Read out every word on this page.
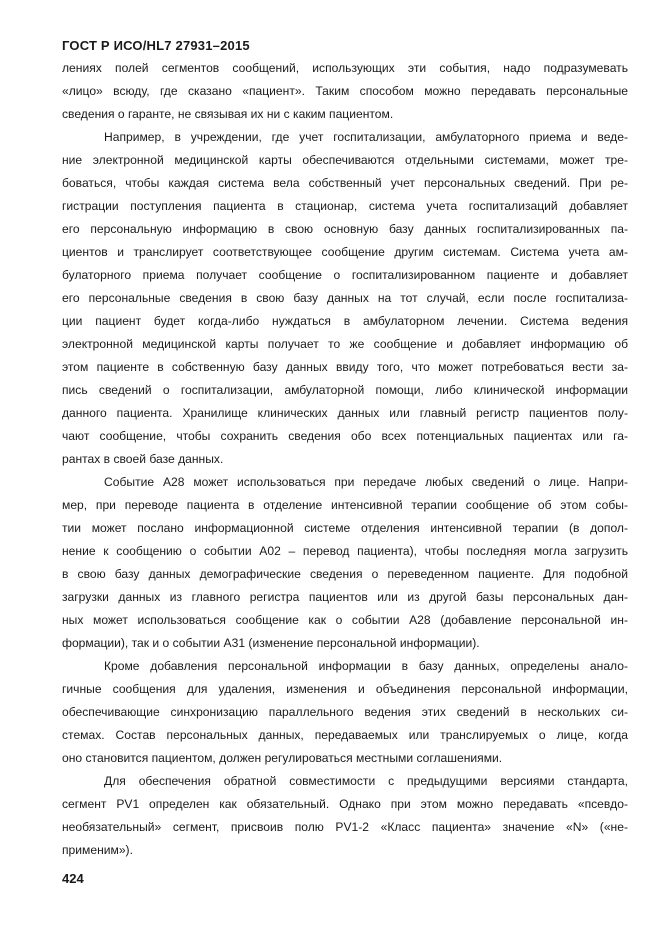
ГОСТ Р ИСО/HL7 27931–2015
лениях полей сегментов сообщений, использующих эти события, надо подразумевать
«лицо» всюду, где сказано «пациент». Таким способом можно передавать персональные
сведения о гаранте, не связывая их ни с каким пациентом.
Например, в учреждении, где учет госпитализации, амбулаторного приема и веде-
ние электронной медицинской карты обеспечиваются отдельными системами, может тре-
боваться, чтобы каждая система вела собственный учет персональных сведений. При ре-
гистрации поступления пациента в стационар, система учета госпитализаций добавляет
его персональную информацию в свою основную базу данных госпитализированных па-
циентов и транслирует соответствующее сообщение другим системам. Система учета ам-
булаторного приема получает сообщение о госпитализированном пациенте и добавляет
его персональные сведения в свою базу данных на тот случай, если после госпитализа-
ции пациент будет когда-либо нуждаться в амбулаторном лечении. Система ведения
электронной медицинской карты получает то же сообщение и добавляет информацию об
этом пациенте в собственную базу данных ввиду того, что может потребоваться вести за-
пись сведений о госпитализации, амбулаторной помощи, либо клинической информации
данного пациента. Хранилище клинических данных или главный регистр пациентов полу-
чают сообщение, чтобы сохранить сведения обо всех потенциальных пациентах или га-
рантах в своей базе данных.
Событие A28 может использоваться при передаче любых сведений о лице. Напри-
мер, при переводе пациента в отделение интенсивной терапии сообщение об этом собы-
тии может послано информационной системе отделения интенсивной терапии (в допол-
нение к сообщению о событии A02 – перевод пациента), чтобы последняя могла загрузить
в свою базу данных демографические сведения о переведенном пациенте. Для подобной
загрузки данных из главного регистра пациентов или из другой базы персональных дан-
ных может использоваться сообщение как о событии A28 (добавление персональной ин-
формации), так и о событии A31 (изменение персональной информации).
Кроме добавления персональной информации в базу данных, определены анало-
гичные сообщения для удаления, изменения и объединения персональной информации,
обеспечивающие синхронизацию параллельного ведения этих сведений в нескольких си-
стемах. Состав персональных данных, передаваемых или транслируемых о лице, когда
оно становится пациентом, должен регулироваться местными соглашениями.
Для обеспечения обратной совместимости с предыдущими версиями стандарта,
сегмент PV1 определен как обязательный. Однако при этом можно передавать «псевдо-
необязательный» сегмент, присвоив полю PV1-2 «Класс пациента» значение «N» («не-
применим»).
424
